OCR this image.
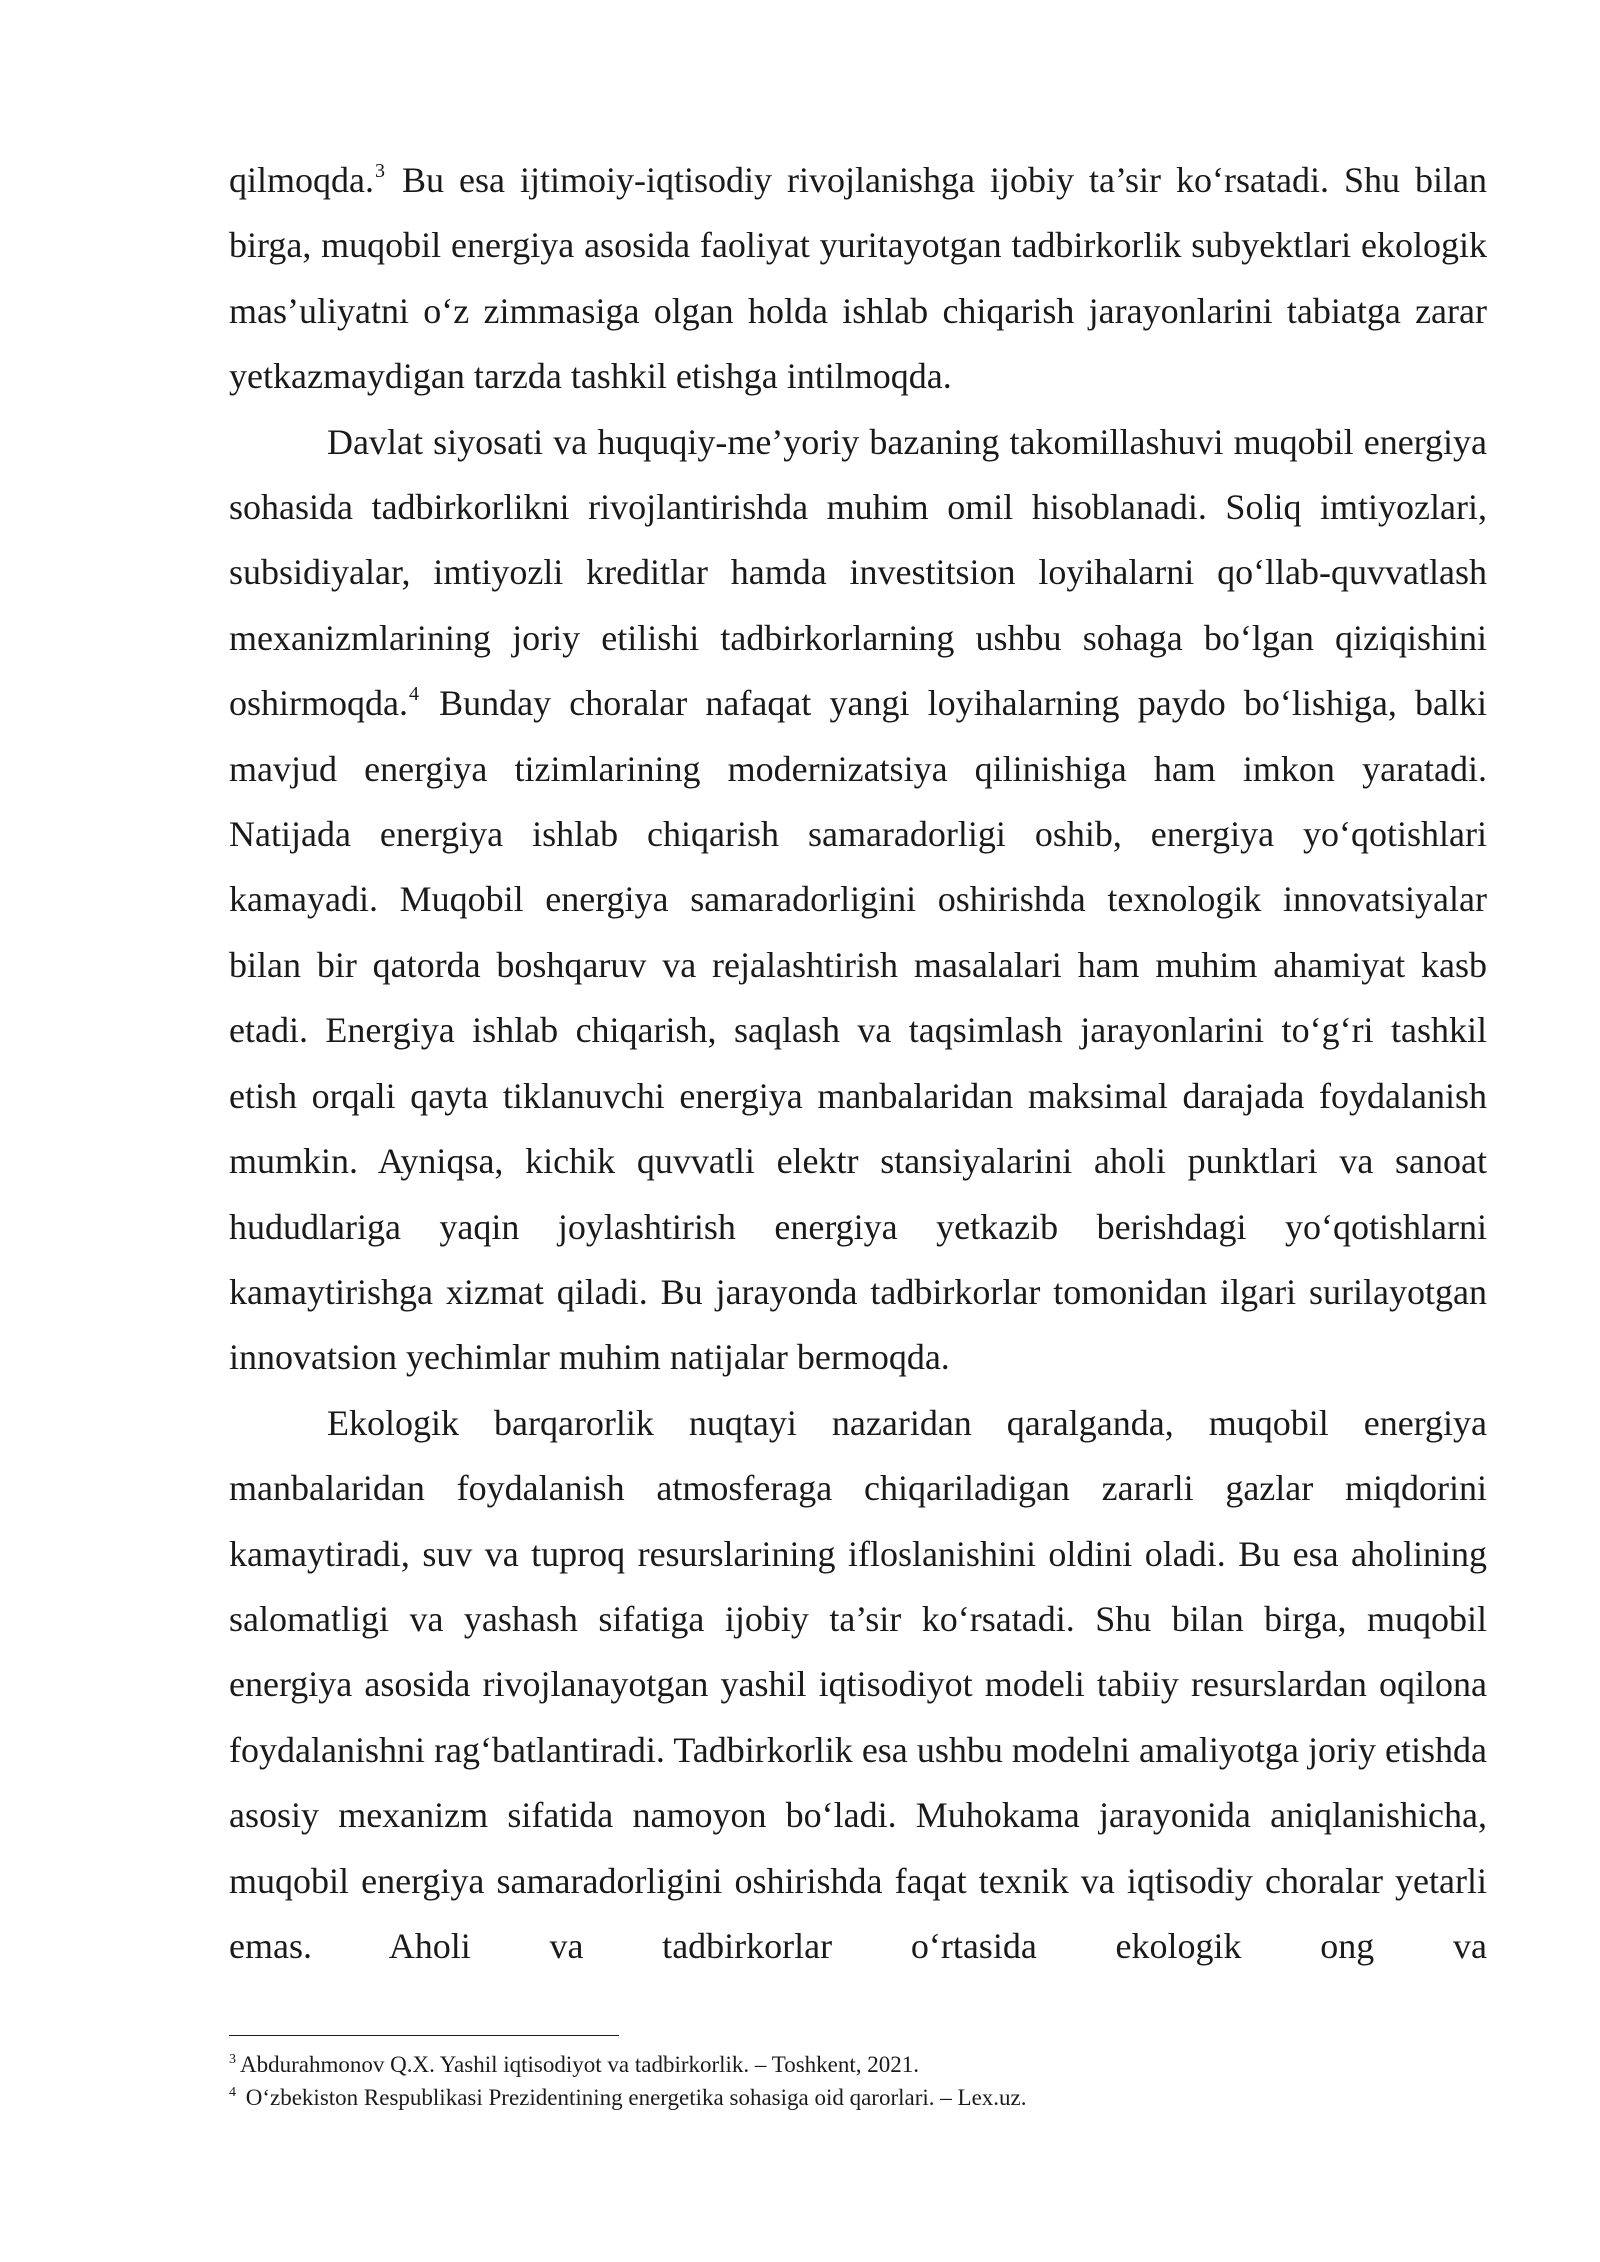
qilmoqda.$^3$ Bu esa ijtimoiy-iqtisodiy rivojlanishga ijobiy ta’sir ko‘rsatadi. Shu bilan birga, muqobil energiya asosida faoliyat yuritayotgan tadbirkorlik subyektlari ekologik mas’uliyatni o‘z zimmasiga olgan holda ishlab chiqarish jarayonlarini tabiatga zarar yetkazmaydigan tarzda tashkil etishga intilmoqda.

Davlat siyosati va huquqiy-me’yoriy bazaning takomillashuvi muqobil energiya sohasida tadbirkorlikni rivojlantirishda muhim omil hisoblanadi. Soliq imtiyozlari, subsidiyalar, imtiyozli kreditlar hamda investitsion loyihalarni qo‘llab-quvvatlash mexanizmlarining joriy etilishi tadbirkorlarning ushbu sohaga bo‘lgan qiziqishini oshirmoqda.$^4$ Bunday choralar nafaqat yangi loyihalarning paydo bo‘lishiga, balki mavjud energiya tizimlarining modernizatsiya qilinishiga ham imkon yaratadi. Natijada energiya ishlab chiqarish samaradorligi oshib, energiya yo‘qotishlari kamayadi. Muqobil energiya samaradorligini oshirishda texnologik innovatsiyalar bilan bir qatorda boshqaruv va rejalashtirish masalalari ham muhim ahamiyat kasb etadi. Energiya ishlab chiqarish, saqlash va taqsimlash jarayonlarini to‘g‘ri tashkil etish orqali qayta tiklanuvchi energiya manbalaridan maksimal darajada foydalanish mumkin. Ayniqsa, kichik quvvatli elektr stansiyalarini aholi punktlari va sanoat hududlariga yaqin joylashtirish energiya yetkazib berishdagi yo‘qotishlarni kamaytirishga xizmat qiladi. Bu jarayonda tadbirkorlar tomonidan ilgari surilayotgan innovatsion yechimlar muhim natijalar bermoqda.

Ekologik barqarorlik nuqtayi nazaridan qaralganda, muqobil energiya manbalaridan foydalanish atmosferaga chiqariladigan zararli gazlar miqdorini kamaytiradi, suv va tuproq resurslarining ifloslanishini oldini oladi. Bu esa aholining salomatligi va yashash sifatiga ijobiy ta’sir ko‘rsatadi. Shu bilan birga, muqobil energiya asosida rivojlanayotgan yashil iqtisodiyot modeli tabiiy resurslardan oqilona foydalanishni rag‘batlantiradi. Tadbirkorlik esa ushbu modelni amaliyotga joriy etishda asosiy mexanizm sifatida namoyon bo‘ladi. Muhokama jarayonida aniqlanishicha, muqobil energiya samaradorligini oshirishda faqat texnik va iqtisodiy choralar yetarli emas. Aholi va tadbirkorlar o‘rtasida ekologik ong va

$^3$ Abdurahmonov Q.X. Yashil iqtisodiyot va tadbirkorlik. – Toshkent, 2021.

$^4$ O‘zbekiston Respublikasi Prezidentining energetika sohasiga oid qarorlari. – Lex.uz.
